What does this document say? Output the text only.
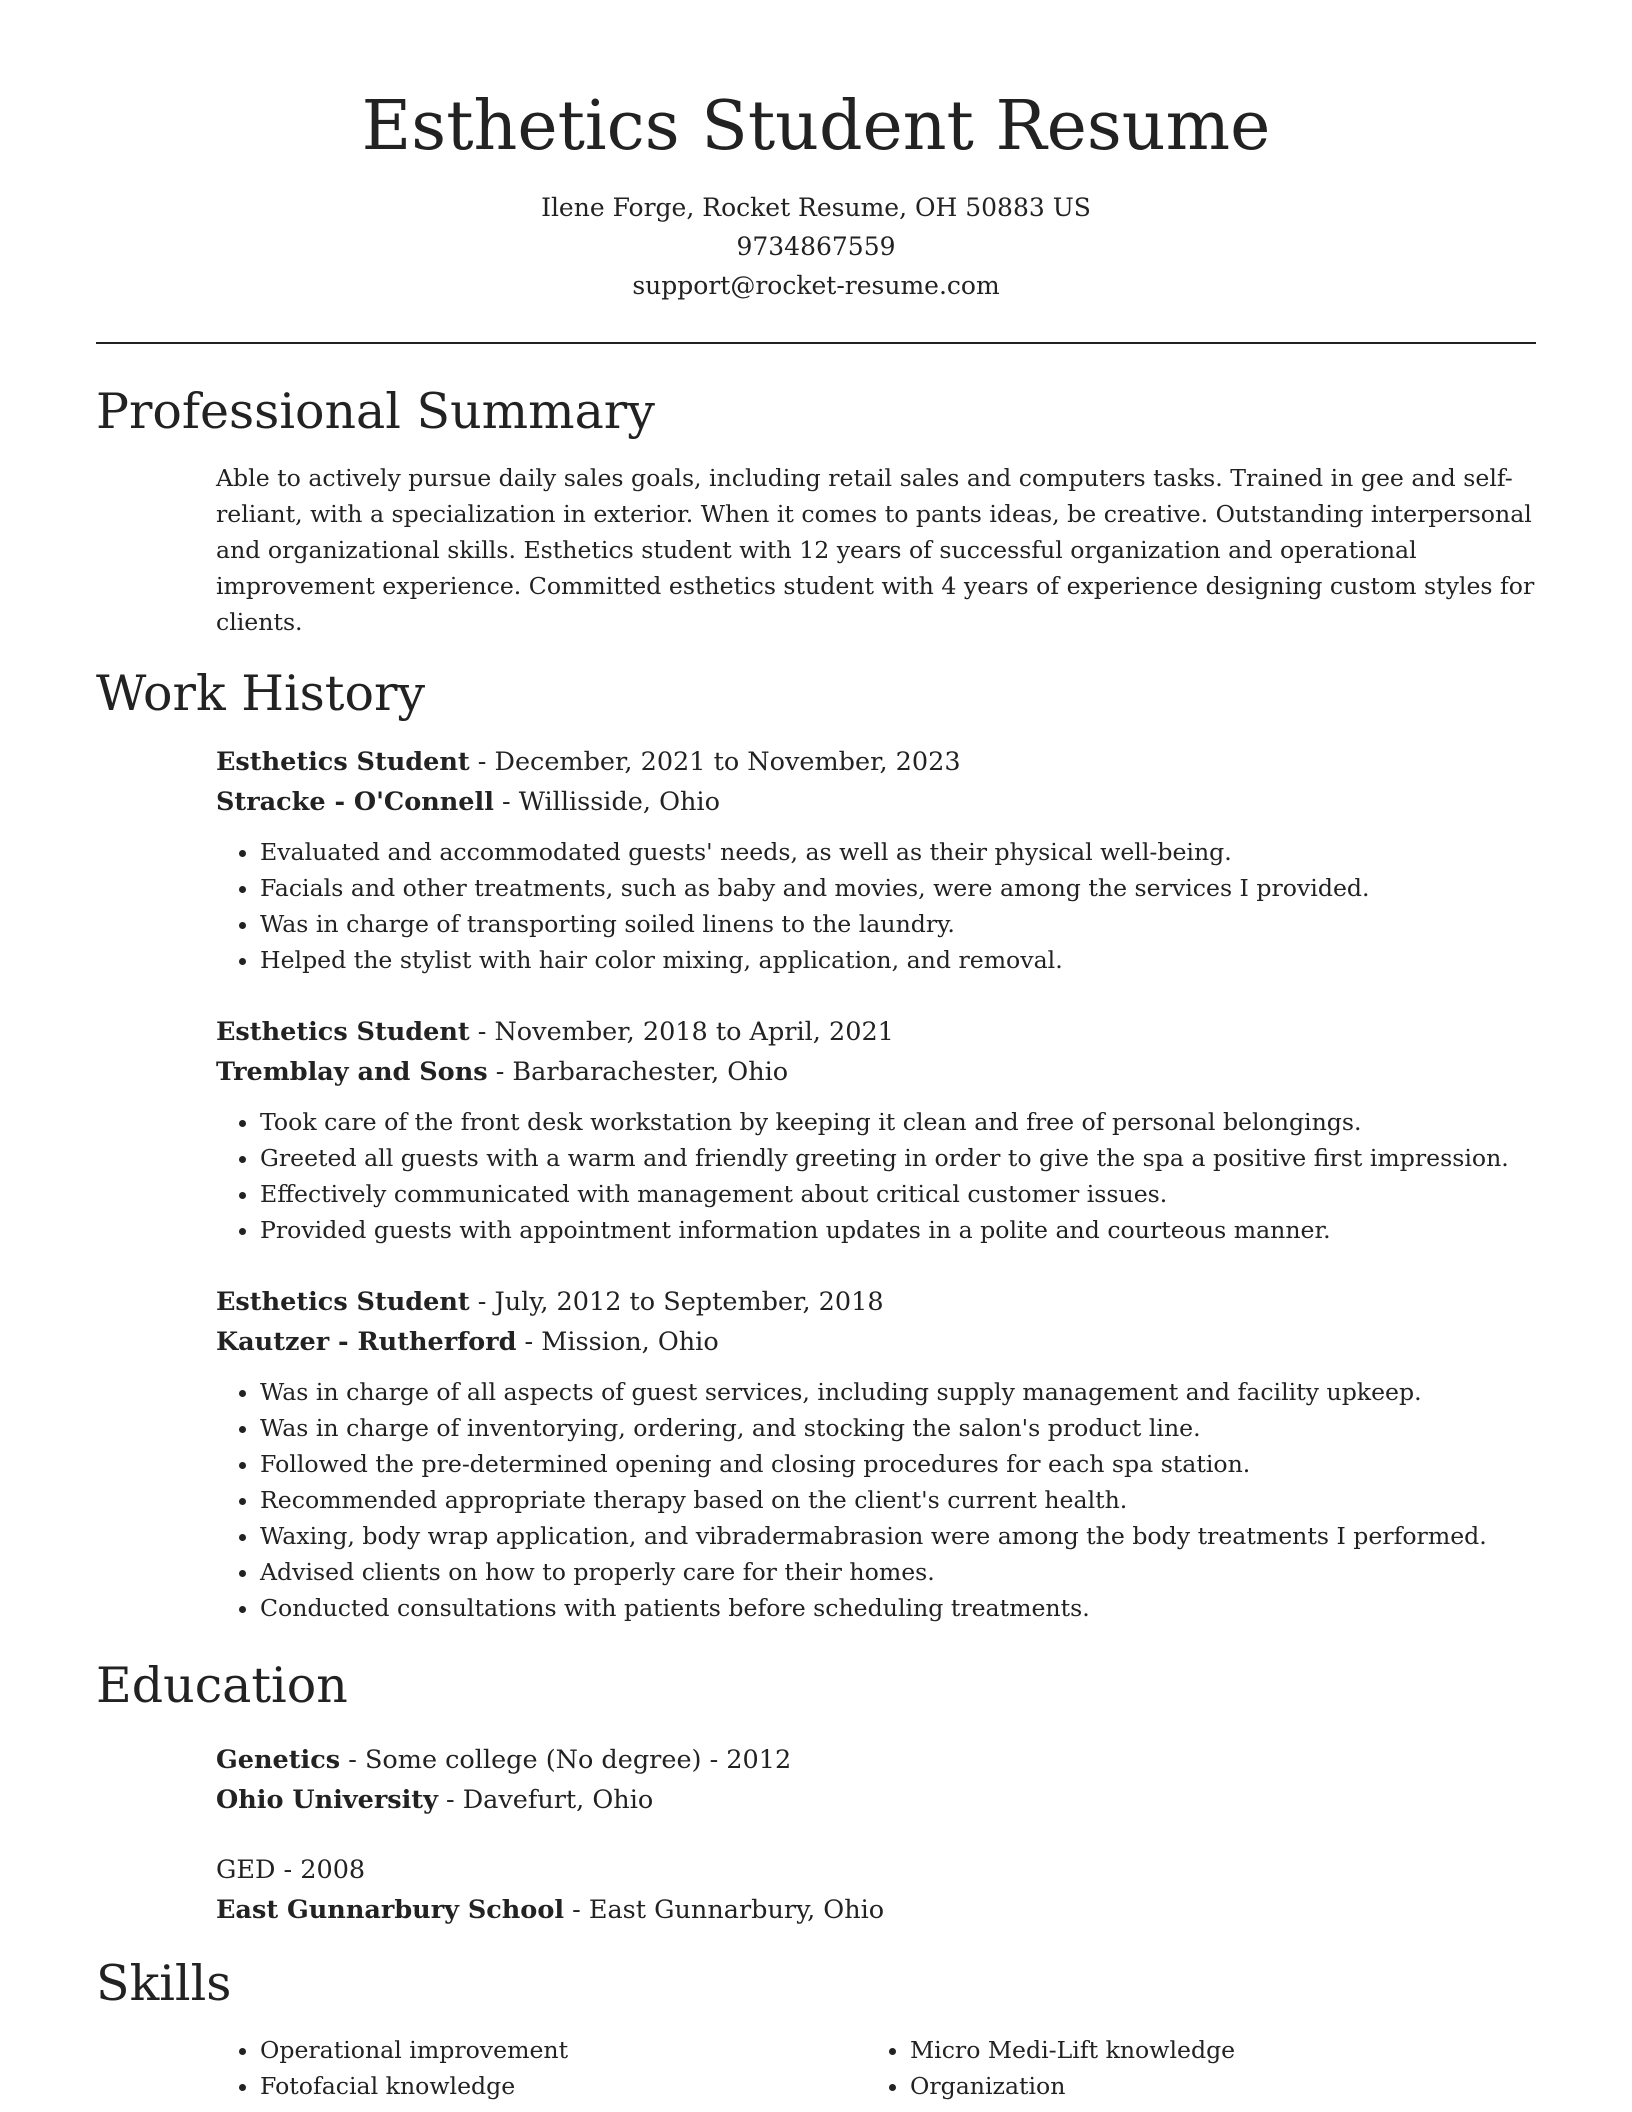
Esthetics Student Resume
Ilene Forge, Rocket Resume, OH 50883 US
9734867559
support@rocket-resume.com
Professional Summary

Able to actively pursue daily sales goals, including retail sales and computers tasks. Trained in gee and self-reliant, with a specialization in exterior. When it comes to pants ideas, be creative. Outstanding interpersonal and organizational skills. Esthetics student with 12 years of successful organization and operational improvement experience. Committed esthetics student with 4 years of experience designing custom styles for clients.

Work History
Esthetics Student - December, 2021 to November, 2023
Stracke - O'Connell - Willisside, Ohio
• Evaluated and accommodated guests' needs, as well as their physical well-being.
• Facials and other treatments, such as baby and movies, were among the services I provided.
• Was in charge of transporting soiled linens to the laundry.
• Helped the stylist with hair color mixing, application, and removal.
Esthetics Student - November, 2018 to April, 2021
Tremblay and Sons - Barbarachester, Ohio
• Took care of the front desk workstation by keeping it clean and free of personal belongings.
• Greeted all guests with a warm and friendly greeting in order to give the spa a positive first impression.
• Effectively communicated with management about critical customer issues.
• Provided guests with appointment information updates in a polite and courteous manner.
Esthetics Student - July, 2012 to September, 2018
Kautzer - Rutherford - Mission, Ohio
• Was in charge of all aspects of guest services, including supply management and facility upkeep.
• Was in charge of inventorying, ordering, and stocking the salon's product line.
• Followed the pre-determined opening and closing procedures for each spa station.
• Recommended appropriate therapy based on the client's current health.
• Waxing, body wrap application, and vibradermabrasion were among the body treatments I performed.
• Advised clients on how to properly care for their homes.
• Conducted consultations with patients before scheduling treatments.
Education
Genetics - Some college (No degree) - 2012
Ohio University - Davefurt, Ohio
GED - 2008
East Gunnarbury School - East Gunnarbury, Ohio
Skills
• Operational improvement
• Fotofacial knowledge
• Micro Medi-Lift knowledge
• Organization
